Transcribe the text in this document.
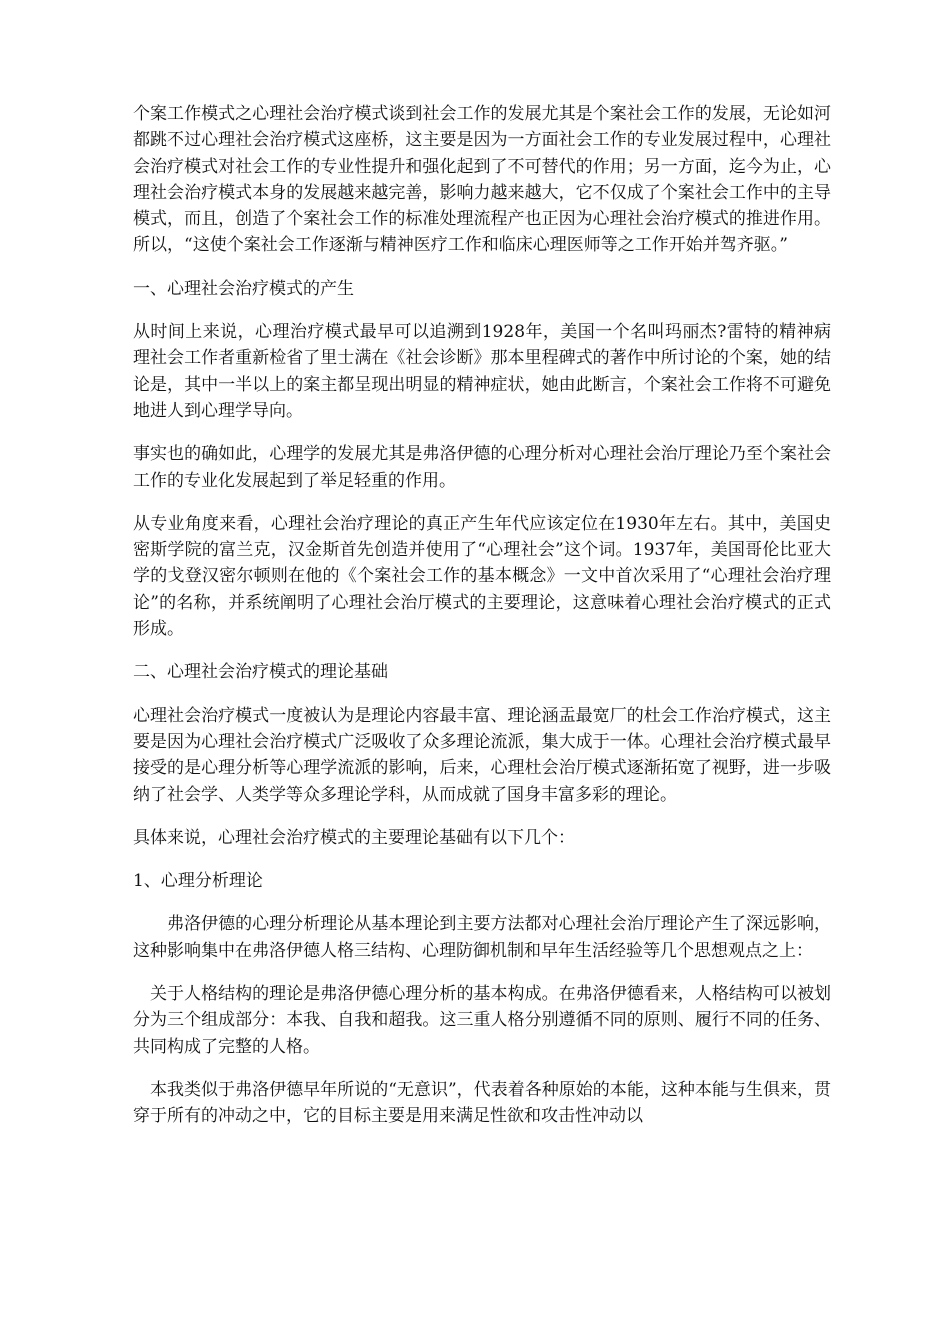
个案工作模式之心理社会治疗模式谈到社会工作的发展尤其是个案社会工作的发展，无论如河都跳不过心理社会治疗模式这座桥，这主要是因为一方面社会工作的专业发展过程中，心理社会治疗模式对社会工作的专业性提升和强化起到了不可替代的作用；另一方面，迄今为止，心理社会治疗模式本身的发展越来越完善，影响力越来越大，它不仅成了个案社会工作中的主导模式，而且，创造了个案社会工作的标准处理流程产也正因为心理社会治疗模式的推进作用。所以，“这使个案社会工作逐渐与精神医疗工作和临床心理医师等之工作开始并驾齐驱。”

一、心理社会治疗模式的产生

从时间上来说，心理治疗模式最早可以追溯到1928年，美国一个名叫玛丽杰?雷特的精神病理社会工作者重新检省了里士满在《社会诊断》那本里程碑式的著作中所讨论的个案，她的结论是，其中一半以上的案主都呈现出明显的精神症状，她由此断言，个案社会工作将不可避免地进人到心理学导向。

事实也的确如此，心理学的发展尤其是弗洛伊德的心理分析对心理社会治厅理论乃至个案社会工作的专业化发展起到了举足轻重的作用。

从专业角度来看，心理社会治疗理论的真正产生年代应该定位在1930年左右。其中，美国史密斯学院的富兰克，汉金斯首先创造并使用了“心理社会”这个词。1937年，美国哥伦比亚大学的戈登汉密尔顿则在他的《个案社会工作的基本概念》一文中首次采用了“心理社会治疗理论”的名称，并系统阐明了心理社会治厅模式的主要理论，这意味着心理社会治疗模式的正式形成。

二、心理社会治疗模式的理论基础

心理社会治疗模式一度被认为是理论内容最丰富、理论涵盂最宽厂的杜会工作治疗模式，这主要是因为心理社会治疗模式广泛吸收了众多理论流派，集大成于一体。心理社会治疗模式最早接受的是心理分析等心理学流派的影响，后来，心理杜会治厅模式逐渐拓宽了视野，进一步吸纳了社会学、人类学等众多理论学科，从而成就了国身丰富多彩的理论。

具体来说，心理社会治疗模式的主要理论基础有以下几个：

1、心理分析理论

弗洛伊德的心理分析理论从基本理论到主要方法都对心理社会治厅理论产生了深远影响，这种影响集中在弗洛伊德人格三结构、心理防御机制和早年生活经验等几个思想观点之上：

关于人格结构的理论是弗洛伊德心理分析的基本构成。在弗洛伊德看来，人格结构可以被划分为三个组成部分：本我、自我和超我。这三重人格分别遵循不同的原则、履行不同的任务、共同构成了完整的人格。

本我类似于弗洛伊德早年所说的“无意识”，代表着各种原始的本能，这种本能与生俱来，贯穿于所有的冲动之中，它的目标主要是用来满足性欲和攻击性冲动以
